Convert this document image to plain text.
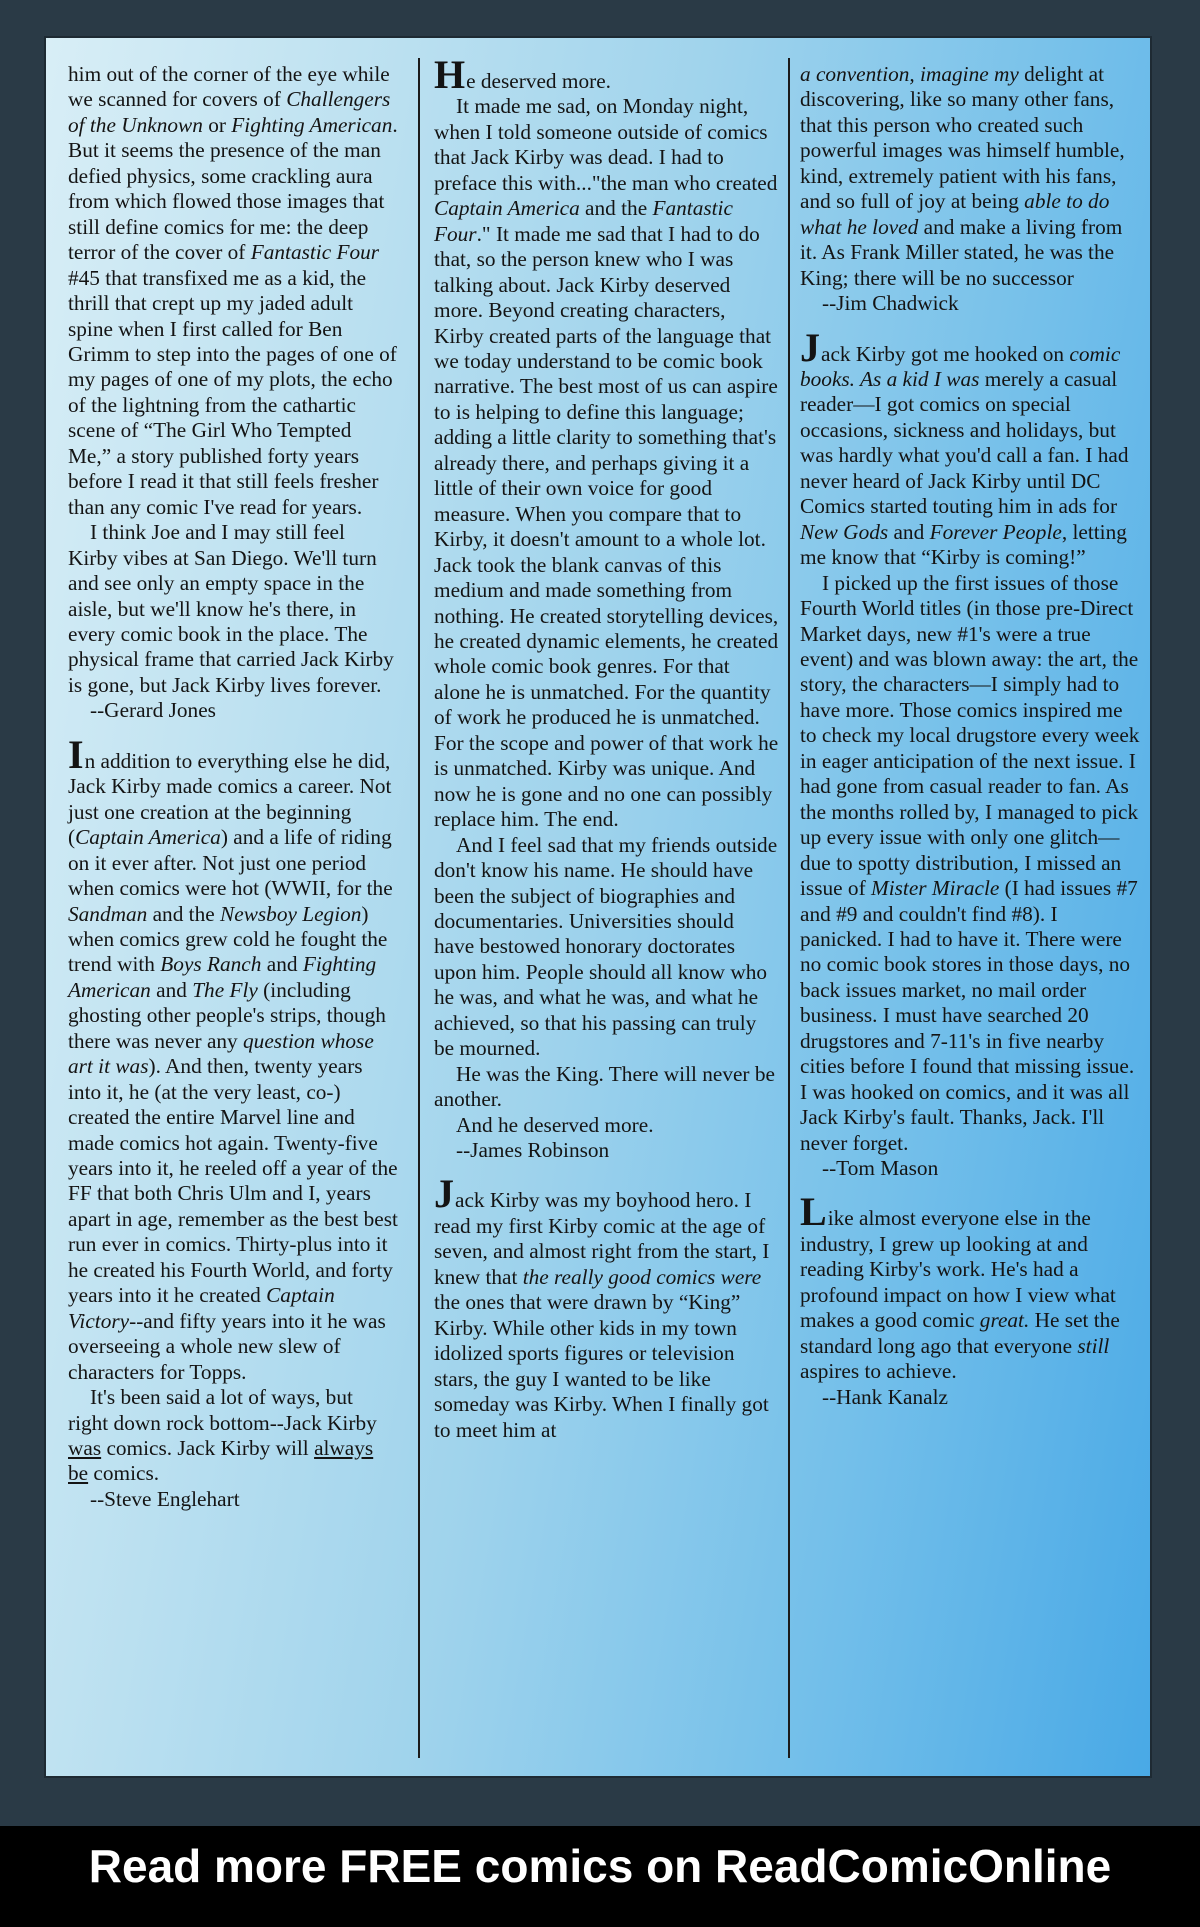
him out of the corner of the eye while we scanned for covers of Challengers of the Unknown or Fighting American. But it seems the presence of the man defied physics, some crackling aura from which flowed those images that still define comics for me: the deep terror of the cover of Fantastic Four #45 that transfixed me as a kid, the thrill that crept up my jaded adult spine when I first called for Ben Grimm to step into the pages of one of my pages of one of my plots, the echo of the lightning from the cathartic scene of “The Girl Who Tempted Me,” a story published forty years before I read it that still feels fresher than any comic I've read for years.

I think Joe and I may still feel Kirby vibes at San Diego. We'll turn and see only an empty space in the aisle, but we'll know he's there, in every comic book in the place. The physical frame that carried Jack Kirby is gone, but Jack Kirby lives forever.

--Gerard Jones

In addition to everything else he did, Jack Kirby made comics a career. Not just one creation at the beginning (Captain America) and a life of riding on it ever after. Not just one period when comics were hot (WWII, for the Sandman and the Newsboy Legion) when comics grew cold he fought the trend with Boys Ranch and Fighting American and The Fly (including ghosting other people's strips, though there was never any question whose art it was). And then, twenty years into it, he (at the very least, co-) created the entire Marvel line and made comics hot again. Twenty-five years into it, he reeled off a year of the FF that both Chris Ulm and I, years apart in age, remember as the best best run ever in comics. Thirty-plus into it he created his Fourth World, and forty years into it he created Captain Victory--and fifty years into it he was overseeing a whole new slew of characters for Topps.

It's been said a lot of ways, but right down rock bottom--Jack Kirby was comics. Jack Kirby will always be comics.

--Steve Englehart

He deserved more.

It made me sad, on Monday night, when I told someone outside of comics that Jack Kirby was dead. I had to preface this with..."the man who created Captain America and the Fantastic Four." It made me sad that I had to do that, so the person knew who I was talking about. Jack Kirby deserved more. Beyond creating characters, Kirby created parts of the language that we today understand to be comic book narrative. The best most of us can aspire to is helping to define this language; adding a little clarity to something that's already there, and perhaps giving it a little of their own voice for good measure. When you compare that to Kirby, it doesn't amount to a whole lot. Jack took the blank canvas of this medium and made something from nothing. He created storytelling devices, he created dynamic elements, he created whole comic book genres. For that alone he is unmatched. For the quantity of work he produced he is unmatched. For the scope and power of that work he is unmatched. Kirby was unique. And now he is gone and no one can possibly replace him. The end.

And I feel sad that my friends outside don't know his name. He should have been the subject of biographies and documentaries. Universities should have bestowed honorary doctorates upon him. People should all know who he was, and what he was, and what he achieved, so that his passing can truly be mourned.

He was the King. There will never be another.

And he deserved more.

--James Robinson

Jack Kirby was my boyhood hero. I read my first Kirby comic at the age of seven, and almost right from the start, I knew that the really good comics were the ones that were drawn by “King” Kirby. While other kids in my town idolized sports figures or television stars, the guy I wanted to be like someday was Kirby. When I finally got to meet him at

a convention, imagine my delight at discovering, like so many other fans, that this person who created such powerful images was himself humble, kind, extremely patient with his fans, and so full of joy at being able to do what he loved and make a living from it. As Frank Miller stated, he was the King; there will be no successor

--Jim Chadwick

Jack Kirby got me hooked on comic books. As a kid I was merely a casual reader—I got comics on special occasions, sickness and holidays, but was hardly what you'd call a fan. I had never heard of Jack Kirby until DC Comics started touting him in ads for New Gods and Forever People, letting me know that “Kirby is coming!”

I picked up the first issues of those Fourth World titles (in those pre-Direct Market days, new #1's were a true event) and was blown away: the art, the story, the characters—I simply had to have more. Those comics inspired me to check my local drugstore every week in eager anticipation of the next issue. I had gone from casual reader to fan. As the months rolled by, I managed to pick up every issue with only one glitch—due to spotty distribution, I missed an issue of Mister Miracle (I had issues #7 and #9 and couldn't find #8). I panicked. I had to have it. There were no comic book stores in those days, no back issues market, no mail order business. I must have searched 20 drugstores and 7-11's in five nearby cities before I found that missing issue. I was hooked on comics, and it was all Jack Kirby's fault. Thanks, Jack. I'll never forget.

--Tom Mason

Like almost everyone else in the industry, I grew up looking at and reading Kirby's work. He's had a profound impact on how I view what makes a good comic great. He set the standard long ago that everyone still aspires to achieve.

--Hank Kanalz

Read more FREE comics on ReadComicOnline
